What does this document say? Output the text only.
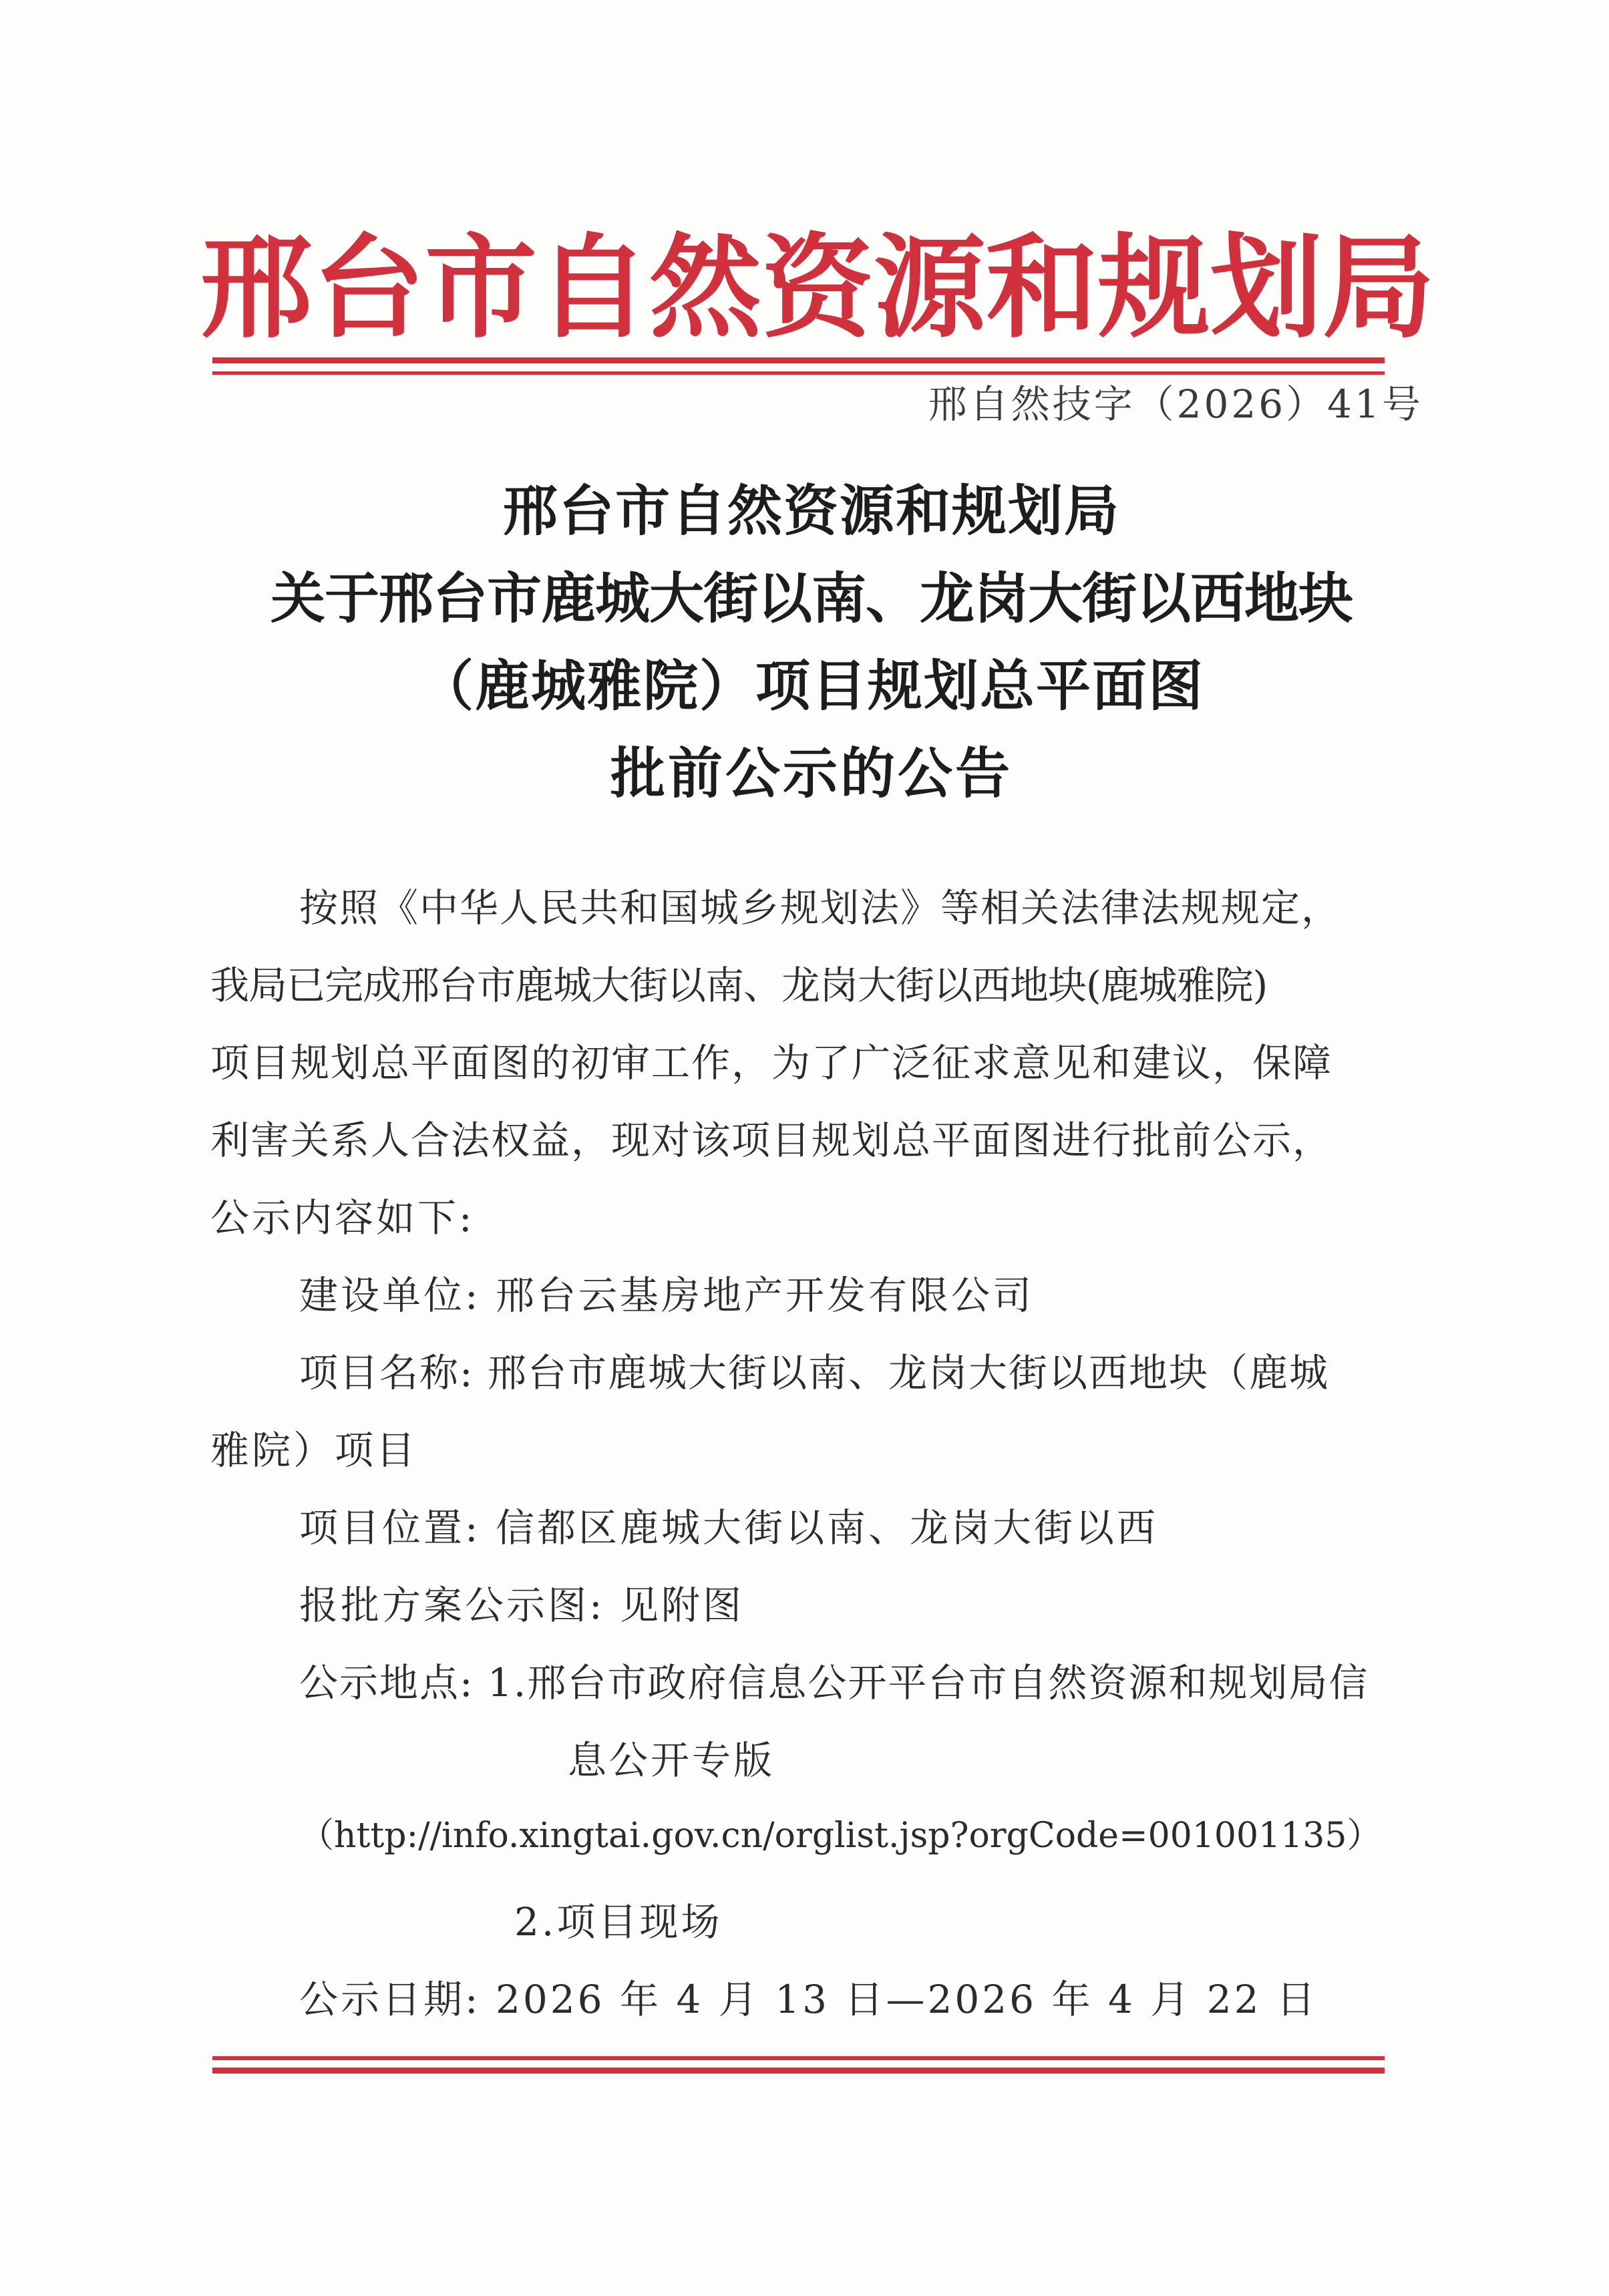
邢 台 市 自 然 资 源 和 规 划 局
邢自然技字（2026）41号
邢台市自然资源和规划局
关于邢台市鹿城大街以南、龙岗大街以西地块
（鹿城雅院）项目规划总平面图
批前公示的公告
按照《中华人民共和国城乡规划法》等相关法律法规规定，
我局已完成邢台市鹿城大街以南、龙岗大街以西地块(鹿城雅院)
项目规划总平面图的初审工作，为了广泛征求意见和建议，保障
利害关系人合法权益，现对该项目规划总平面图进行批前公示，
公示内容如下:
建设单位: 邢台云基房地产开发有限公司
项目名称: 邢台市鹿城大街以南、龙岗大街以西地块（鹿城
雅院）项目
项目位置: 信都区鹿城大街以南、龙岗大街以西
报批方案公示图: 见附图
公示地点: 1.邢台市政府信息公开平台市自然资源和规划局信
息公开专版
（http://info.xingtai.gov.cn/orglist.jsp?orgCode=001001135）
2.项目现场
公示日期: 2026 年 4 月 13 日—2026 年 4 月 22 日
